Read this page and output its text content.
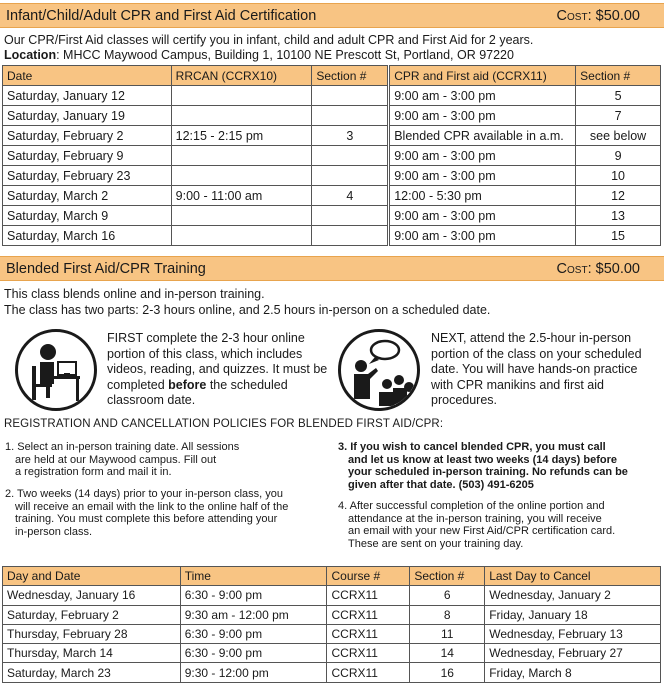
Infant/Child/Adult CPR and First Aid Certification	Cost: $50.00
Our CPR/First Aid classes will certify you in infant, child and adult CPR and First Aid for 2 years.
Location: MHCC Maywood Campus, Building 1, 10100 NE Prescott St, Portland, OR 97220
Date	RRCAN (CCRX10)	Section #	CPR and First aid (CCRX11)	Section #
Saturday, January 12			9:00 am - 3:00 pm	5
Saturday, January 19			9:00 am - 3:00 pm	7
Saturday, February 2	12:15 - 2:15 pm	3	Blended CPR available in a.m.	see below
Saturday, February 9			9:00 am - 3:00 pm	9
Saturday, February 23			9:00 am - 3:00 pm	10
Saturday, March 2	9:00 - 11:00 am	4	12:00 - 5:30 pm	12
Saturday, March 9			9:00 am - 3:00 pm	13
Saturday, March 16			9:00 am - 3:00 pm	15
Blended First Aid/CPR Training	Cost: $50.00
This class blends online and in-person training.
The class has two parts: 2-3 hours online, and 2.5 hours in-person on a scheduled date.
FIRST complete the 2-3 hour online portion of this class, which includes videos, reading, and quizzes. It must be completed before the scheduled classroom date.
NEXT, attend the 2.5-hour in-person portion of the class on your scheduled date. You will have hands-on practice with CPR manikins and first aid procedures.
REGISTRATION AND CANCELLATION POLICIES FOR BLENDED FIRST AID/CPR:
1. Select an in-person training date. All sessions
are held at our Maywood campus. Fill out
a registration form and mail it in.
2. Two weeks (14 days) prior to your in-person class, you
will receive an email with the link to the online half of the
training. You must complete this before attending your
in-person class.
3. If you wish to cancel blended CPR, you must call
and let us know at least two weeks (14 days) before
your scheduled in-person training. No refunds can be
given after that date. (503) 491-6205
4. After successful completion of the online portion and
attendance at the in-person training, you will receive
an email with your new First Aid/CPR certification card.
These are sent on your training day.
Day and Date	Time	Course #	Section #	Last Day to Cancel
Wednesday, January 16	6:30 - 9:00 pm	CCRX11	6	Wednesday, January 2
Saturday, February 2	9:30 am - 12:00 pm	CCRX11	8	Friday, January 18
Thursday, February 28	6:30 - 9:00 pm	CCRX11	11	Wednesday, February 13
Thursday, March 14	6:30 - 9:00 pm	CCRX11	14	Wednesday, February 27
Saturday, March 23	9:30 - 12:00 pm	CCRX11	16	Friday, March 8
